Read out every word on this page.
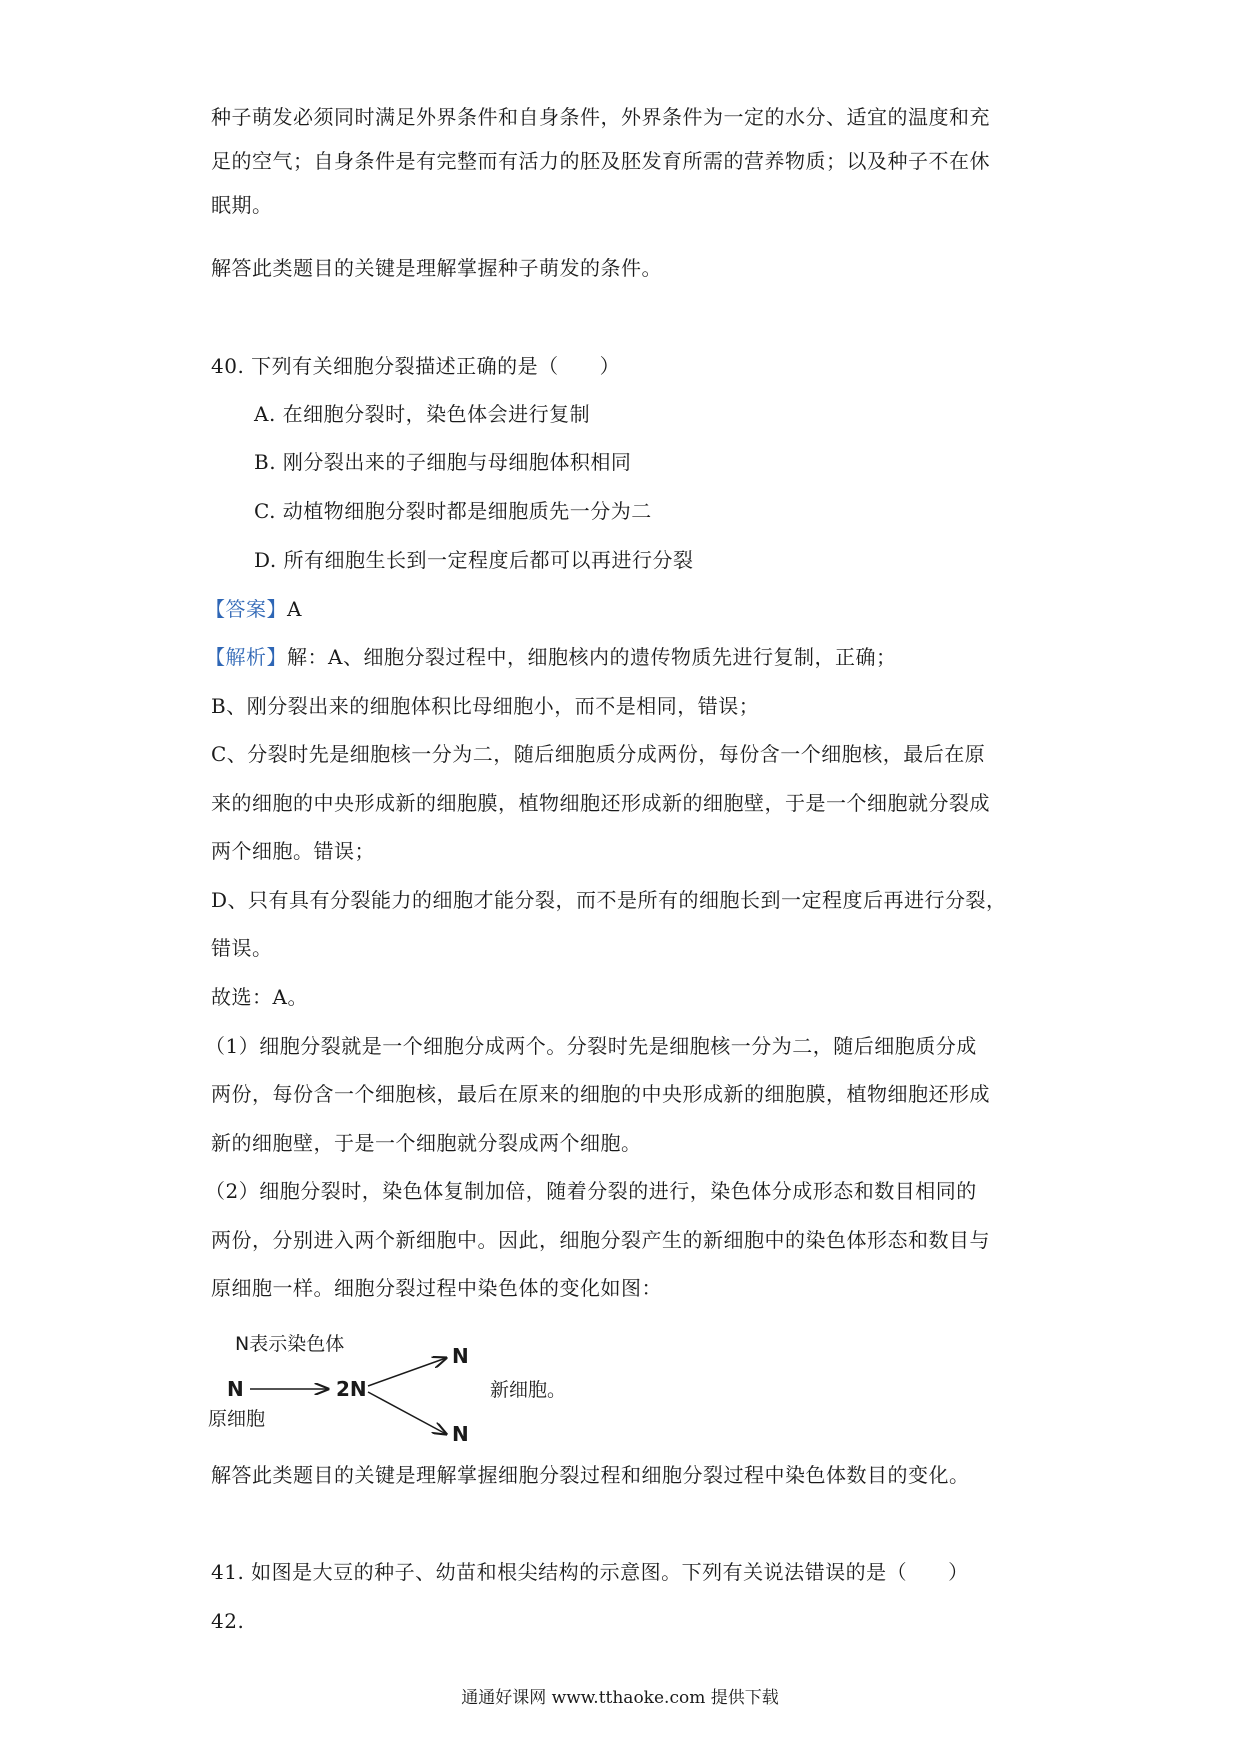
种子萌发必须同时满足外界条件和自身条件，外界条件为一定的水分、适宜的温度和充
足的空气；自身条件是有完整而有活力的胚及胚发育所需的营养物质；以及种子不在休
眠期。
解答此类题目的关键是理解掌握种子萌发的条件。
40. 下列有关细胞分裂描述正确的是（　　）
A. 在细胞分裂时，染色体会进行复制
B. 刚分裂出来的子细胞与母细胞体积相同
C. 动植物细胞分裂时都是细胞质先一分为二
D. 所有细胞生长到一定程度后都可以再进行分裂
【答案】A
【解析】解：A、细胞分裂过程中，细胞核内的遗传物质先进行复制，正确；
B、刚分裂出来的细胞体积比母细胞小，而不是相同，错误；
C、分裂时先是细胞核一分为二，随后细胞质分成两份，每份含一个细胞核，最后在原
来的细胞的中央形成新的细胞膜，植物细胞还形成新的细胞壁，于是一个细胞就分裂成
两个细胞。错误；
D、只有具有分裂能力的细胞才能分裂，而不是所有的细胞长到一定程度后再进行分裂，
错误。
故选：A。
（1）细胞分裂就是一个细胞分成两个。分裂时先是细胞核一分为二，随后细胞质分成
两份，每份含一个细胞核，最后在原来的细胞的中央形成新的细胞膜，植物细胞还形成
新的细胞壁，于是一个细胞就分裂成两个细胞。
（2）细胞分裂时，染色体复制加倍，随着分裂的进行，染色体分成形态和数目相同的
两份，分别进入两个新细胞中。因此，细胞分裂产生的新细胞中的染色体形态和数目与
原细胞一样。细胞分裂过程中染色体的变化如图：
N表示染色体
N	2N
N
N
原细胞
新细胞。
解答此类题目的关键是理解掌握细胞分裂过程和细胞分裂过程中染色体数目的变化。
41. 如图是大豆的种子、幼苗和根尖结构的示意图。下列有关说法错误的是（　　）
42.
通通好课网 www.tthaoke.com 提供下载
